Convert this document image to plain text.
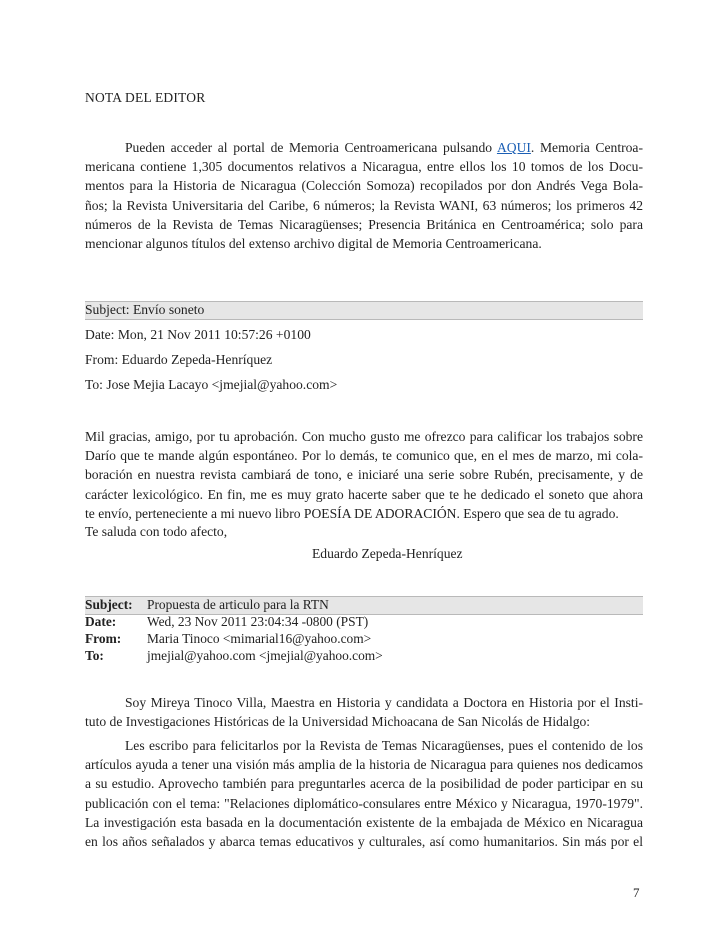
NOTA DEL EDITOR
Pueden acceder al portal de Memoria Centroamericana pulsando AQUI. Memoria Centroa-
mericana contiene 1,305 documentos relativos a Nicaragua, entre ellos los 10 tomos de los Docu-
mentos para la Historia de Nicaragua (Colección Somoza) recopilados por don Andrés Vega Bola-
ños; la Revista Universitaria del Caribe, 6 números; la Revista WANI, 63 números; los primeros 42
números de la Revista de Temas Nicaragüenses; Presencia Británica en Centroamérica; solo para
mencionar algunos títulos del extenso archivo digital de Memoria Centroamericana.
Subject: Envío soneto
Date: Mon, 21 Nov 2011 10:57:26 +0100
From: Eduardo Zepeda-Henríquez
To: Jose Mejia Lacayo <jmejial@yahoo.com>
Mil gracias, amigo, por tu aprobación. Con mucho gusto me ofrezco para calificar los trabajos sobre
Darío que te mande algún espontáneo. Por lo demás, te comunico que, en el mes de marzo, mi cola-
boración en nuestra revista cambiará de tono, e iniciaré una serie sobre Rubén, precisamente, y de
carácter lexicológico. En fin, me es muy grato hacerte saber que te he dedicado el soneto que ahora
te envío, perteneciente a mi nuevo libro POESÍA DE ADORACIÓN. Espero que sea de tu agrado.
Te saluda con todo afecto,
Eduardo Zepeda-Henríquez
Subject: Propuesta de articulo para la RTN
Date: Wed, 23 Nov 2011 23:04:34 -0800 (PST)
From: Maria Tinoco <mimarial16@yahoo.com>
To:	jmejial@yahoo.com <jmejial@yahoo.com>
Soy Mireya Tinoco Villa, Maestra en Historia y candidata a Doctora en Historia por el Insti-
tuto de Investigaciones Históricas de la Universidad Michoacana de San Nicolás de Hidalgo:
Les escribo para felicitarlos por la Revista de Temas Nicaragüenses, pues el contenido de los
artículos ayuda a tener una visión más amplia de la historia de Nicaragua para quienes nos dedicamos
a su estudio. Aprovecho también para preguntarles acerca de la posibilidad de poder participar en su
publicación con el tema: "Relaciones diplomático-consulares entre México y Nicaragua, 1970-1979".
La investigación esta basada en la documentación existente de la embajada de México en Nicaragua
en los años señalados y abarca temas educativos y culturales, así como humanitarios. Sin más por el
7
